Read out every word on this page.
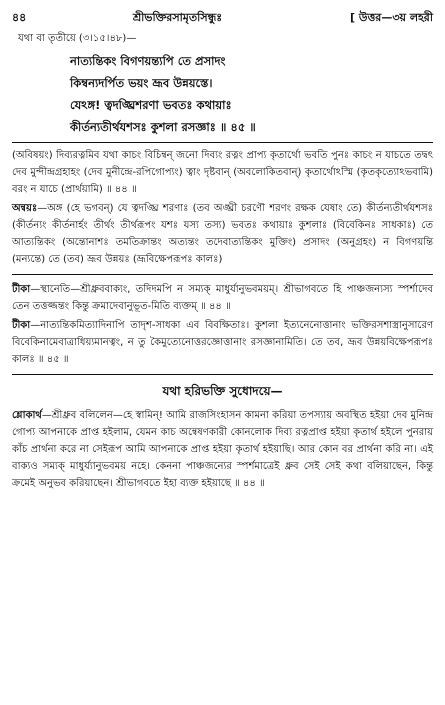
৪৪	শ্রীভক্তিরসামৃতসিন্ধুঃ	[ উত্তর—৩য় লহরী
যথা বা তৃতীয়ে (৩।১৫।৪৮)—
নাত্যন্তিকং বিগণয়ন্ত্যপি তে প্রসাদং
কিম্বন্যদর্পিত ভয়ং ভ্রূব উন্নয়স্তে।
যেঽঙ্গ! ত্বদঙ্ঘ্রিশরণা ভবতঃ কথায়াঃ
কীর্তন্যতীর্থযশসঃ কুশলা রসজ্ঞাঃ ॥ ৪৫ ॥

(অবিষয়ং) দিব্যরত্নমিব যথা কাচং বিচিন্বন্ জনো দিব্যং রত্নং প্রাপ্য কৃতার্থো ভবতি পুনঃ কাচং ন যাচতে তদ্বৎ দেব মুন্দীন্দ্রগ্রহাহং (দেব মুনীন্দ্রে-রপিগোপ্যং) ত্বাং দৃষ্টবান্ (অবলোকিতবান্) কৃতার্থোঽস্মি (কৃতকৃত্যোঽভবামি) বরং ন যাচে (প্রার্থয়ামি) ॥ ৪৪ ॥

অন্বয়ঃ—অঙ্গ (হে ভগবন্) যে ত্বদঙ্ঘ্রি শরণাঃ (তব অঙ্ঘ্রী চরণৌ শরণং রক্ষক যেষাং তে) কীর্তন্যতীর্থযশসঃ (কীর্তন্যং কীর্তনার্হং তীর্থং তীর্থরূপং যশঃ যস্য তস্য) ভবতঃ কথায়াঃ কুশলাঃ (বিবেকিনঃ সাধকাঃ) তে আত্যন্তিকং (অন্তোনাশঃ তমতিক্রান্তং অত্যন্তং তদেবাত্যন্তিকং মুক্তিং) প্রসাদং (অনুগ্রহং) ন বিগণয়ন্তি (মন্যন্তে) তে (তব) ভ্রূব উন্নয়ঃ (ভ্রূবিক্ষেপরূপঃ কালঃ)

টীকা—স্থানেতি—শ্রীধ্রুববাক্যং, তদিদমপি ন সম্যক্ মাধুর্যানুভবময়ম্। শ্রীভাগবতে হি পাঞ্চজন্যস্য স্পর্শাদেব তেন তত্তজ্জন্তং কিন্তু ক্রমাদেবানুভূত-মিতি ব্যক্তম্ ॥ ৪৪ ॥

টীকা—নাত্যন্তিকমিত্যাদিনাপি তাদৃশ-সাধকা এব বিবক্ষিতাঃ। কুশলা ইত্যনেনোত্তানাং ভক্তিরসশাস্ত্রানুসারেণ বিবেকিনামেবাত্রাধিয়্যমানত্বং, ন তু কৈমুত্যেনোত্তরজ্ঞোত্তানাং রসজ্ঞানামিতি। তে তব, ভ্রূব উন্নয়বিক্ষেপরূপঃ কালঃ ॥ ৪৫ ॥

যথা হরিভক্তি সুধোদয়ে—

শ্লোকার্থ—শ্রীধ্রুব বলিলেন—হে স্বামিন্! আমি রাজসিংহাসন কামনা করিয়া তপস্যায় অবস্থিত হইয়া দেব মুনিন্দ্র গোপ্য আপনাকে প্রাপ্ত হইলাম, যেমন কাচ অন্বেষণকারী কোনলোক দিব্য রত্নপ্রাপ্ত হইয়া কৃতার্থ হইলে পুনরায় কাঁচ প্রার্থনা করে না সেইরূপ আমি আপনাকে প্রাপ্ত হইয়া কৃতার্থ হইয়াছি। আর কোন বর প্রার্থনা করি না। এই বাক্যও সম্যক্ মাধুর্য্যানুভবময় নহে। কেননা পাঞ্চজন্যের স্পর্শমাত্রেই ধ্রুব সেই সেই কথা বলিয়াছেন, কিন্তু ক্রমেই অনুভব করিয়াছেন। শ্রীভাগবতে ইহা ব্যক্ত হইয়াছে ॥ ৪৪ ॥
